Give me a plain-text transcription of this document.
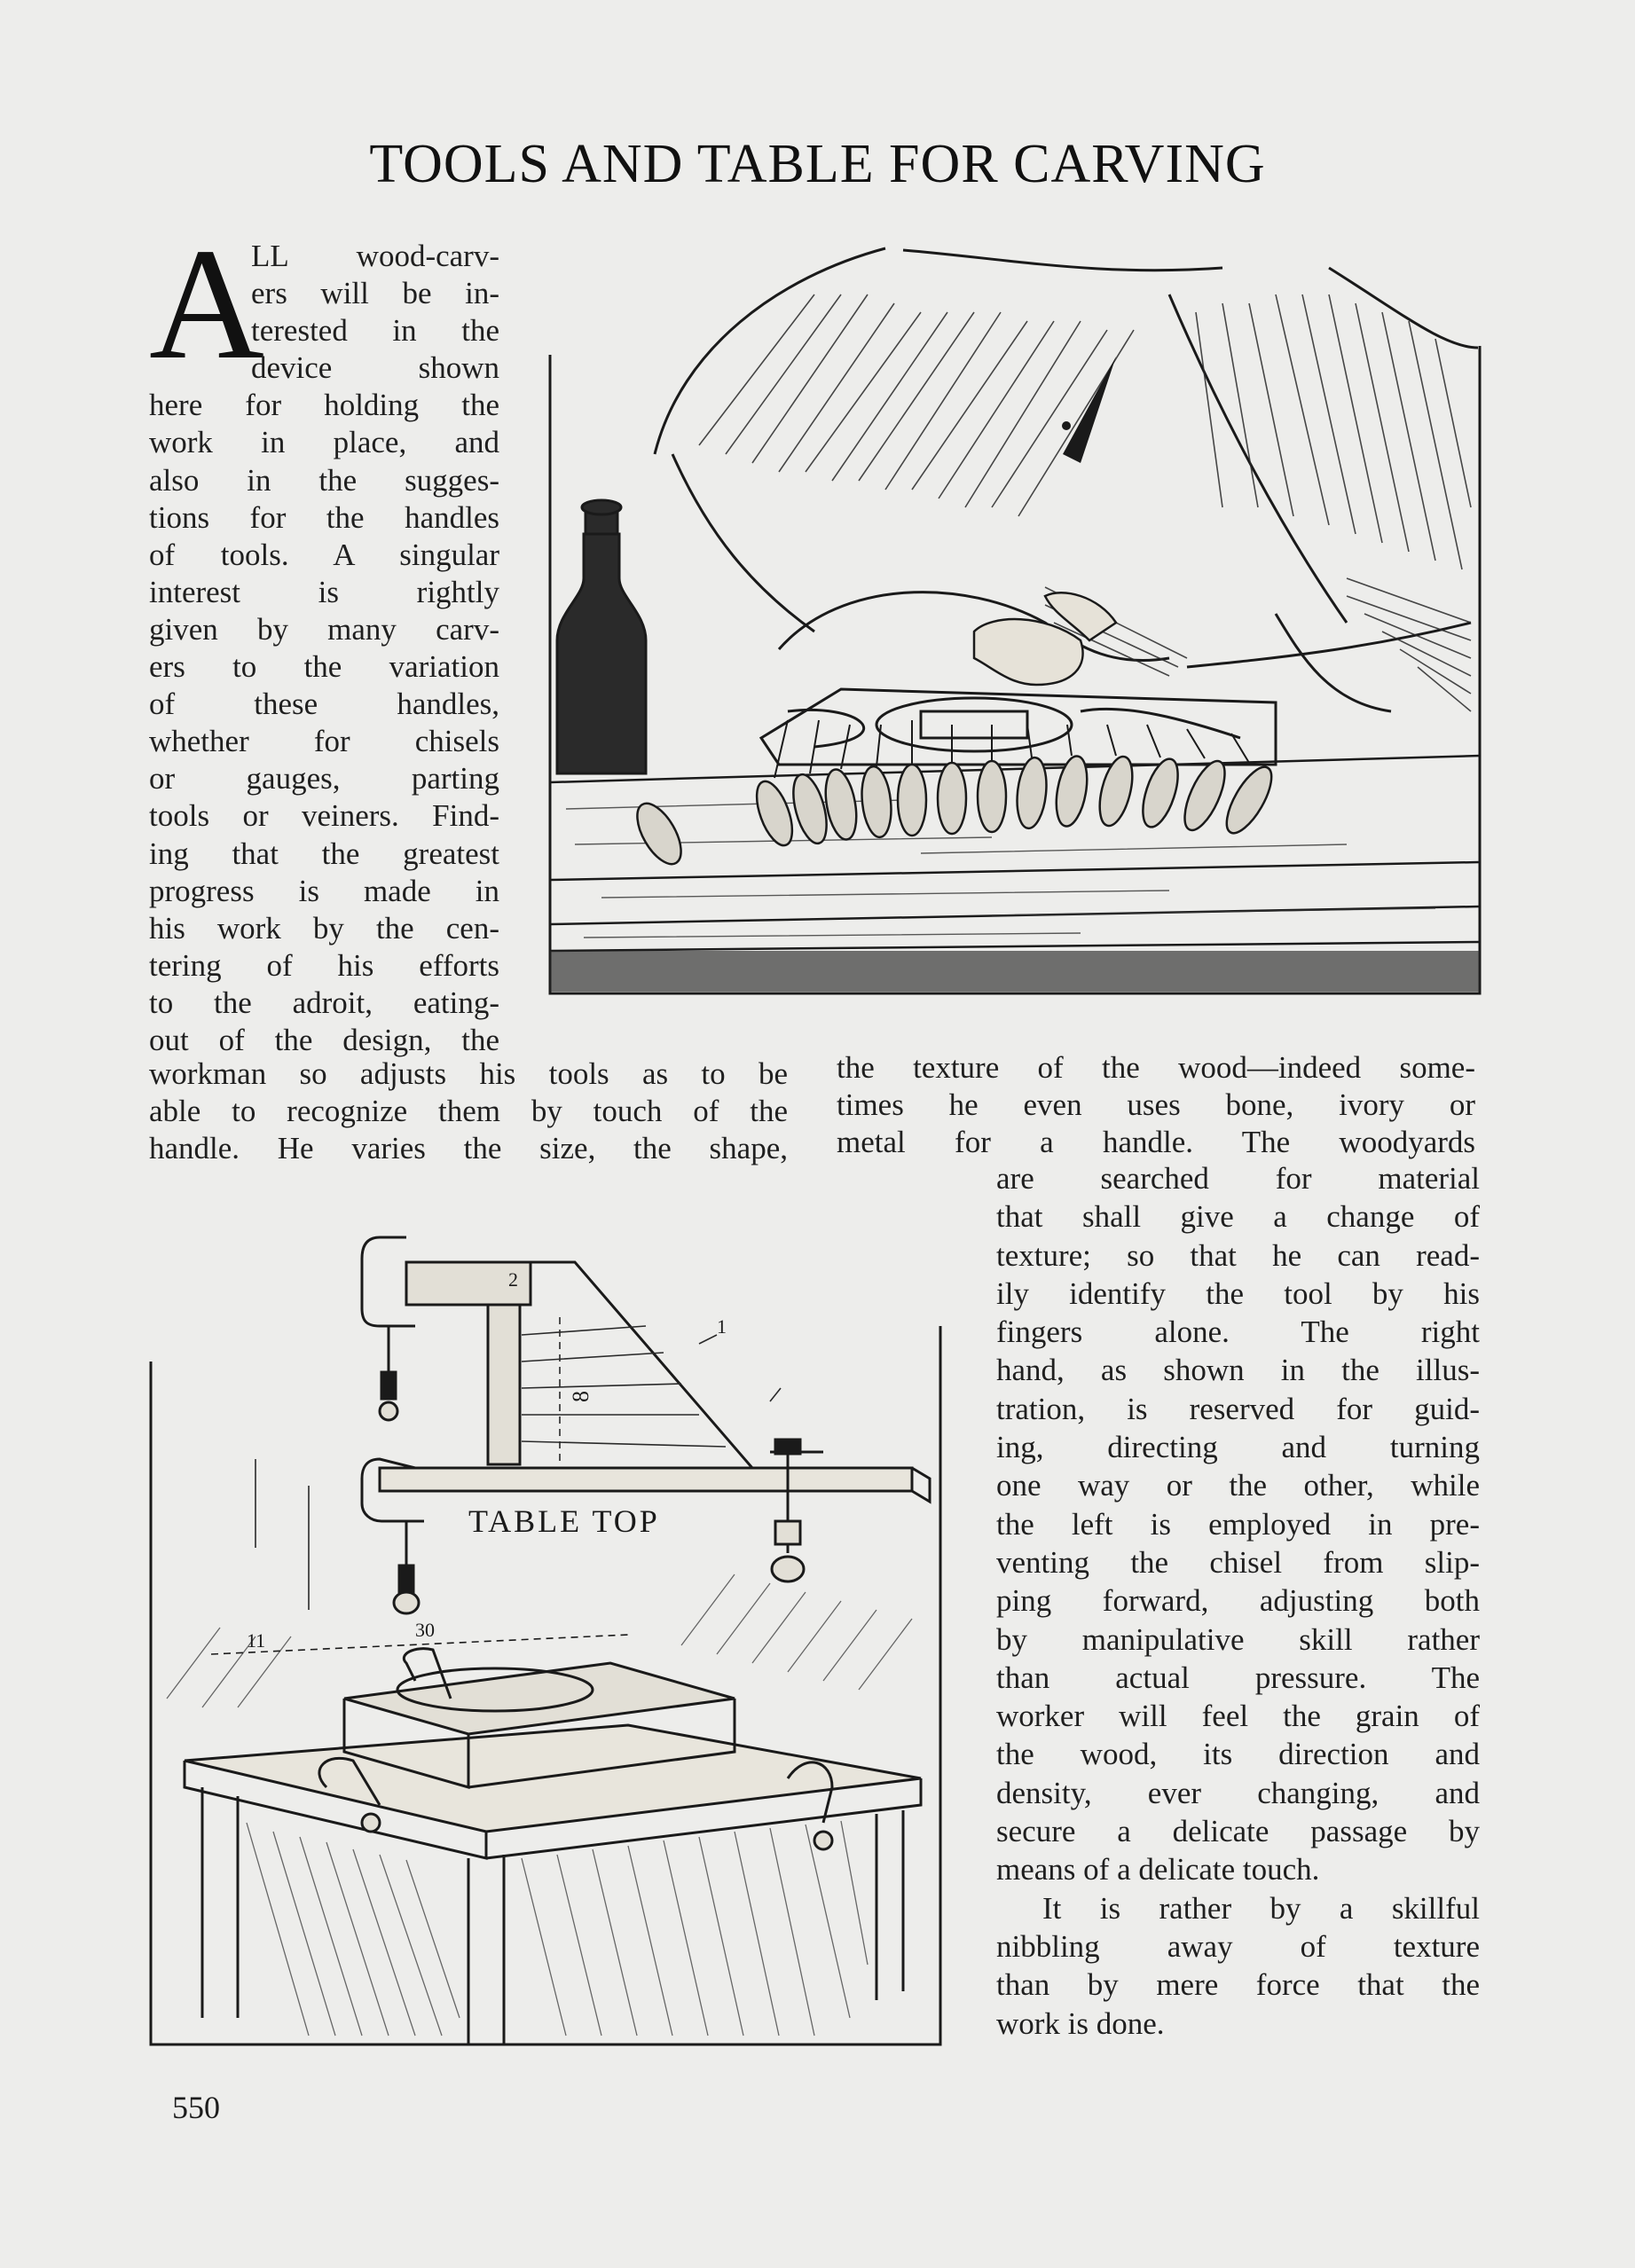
TOOLS AND TABLE FOR CARVING
A
LL wood-carv-
ers will be in-
terested in the
device shown
here for holding the
work in place, and
also in the sugges-
tions for the handles
of tools. A singular
interest is rightly
given by many carv-
ers to the variation
of these handles,
whether for chisels
or gauges, parting
tools or veiners. Find-
ing that the greatest
progress is made in
his work by the cen-
tering of his efforts
to the adroit, eating-
out of the design, the
workman so adjusts his tools as to be
able to recognize them by touch of the
handle. He varies the size, the shape,
the texture of the wood—indeed some-
times he even uses bone, ivory or
metal for a handle. The woodyards
are searched for material
that shall give a change of
texture; so that he can read-
ily identify the tool by his
fingers alone. The right
hand, as shown in the illus-
tration, is reserved for guid-
ing, directing and turning
one way or the other, while
the left is employed in pre-
venting the chisel from slip-
ping forward, adjusting both
by manipulative skill rather
than actual pressure. The
worker will feel the grain of
the wood, its direction and
density, ever changing, and
secure a delicate passage by
means of a delicate touch.
It is rather by a skillful
nibbling away of texture
than by mere force that the
work is done.
8
2
1
TABLE TOP
11	30
550
